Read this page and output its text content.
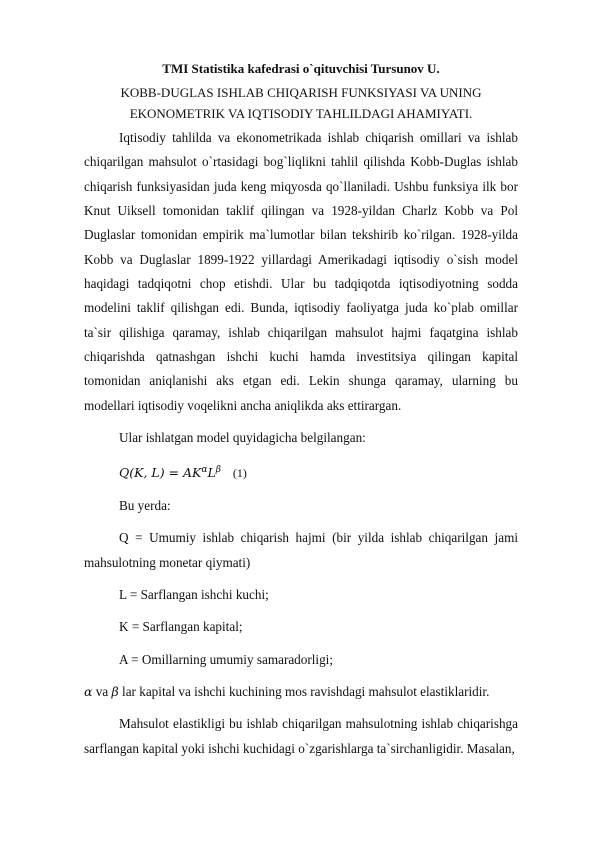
TMI Statistika kafedrasi o`qituvchisi Tursunov U.
KOBB-DUGLAS ISHLAB CHIQARISH FUNKSIYASI VA UNING
EKONOMETRIK VA IQTISODIY TAHLILDAGI AHAMIYATI.

Iqtisodiy tahlilda va ekonometrikada ishlab chiqarish omillari va ishlab chiqarilgan mahsulot o`rtasidagi bog`liqlikni tahlil qilishda Kobb-Duglas ishlab chiqarish funksiyasidan juda keng miqyosda qo`llaniladi. Ushbu funksiya ilk bor Knut Uiksell tomonidan taklif qilingan va 1928-yildan Charlz Kobb va Pol Duglaslar tomonidan empirik ma`lumotlar bilan tekshirib ko`rilgan. 1928-yilda Kobb va Duglaslar 1899-1922 yillardagi Amerikadagi iqtisodiy o`sish model haqidagi tadqiqotni chop etishdi. Ular bu tadqiqotda iqtisodiyotning sodda modelini taklif qilishgan edi. Bunda, iqtisodiy faoliyatga juda ko`plab omillar ta`sir qilishiga qaramay, ishlab chiqarilgan mahsulot hajmi faqatgina ishlab chiqarishda qatnashgan ishchi kuchi hamda investitsiya qilingan kapital tomonidan aniqlanishi aks etgan edi. Lekin shunga qaramay, ularning bu modellari iqtisodiy voqelikni ancha aniqlikda aks ettirargan.

Ular ishlatgan model quyidagicha belgilangan:

Q(K, $L) = AK^\alpha L^\beta$ (1)

Bu yerda:

Q = Umumiy ishlab chiqarish hajmi (bir yilda ishlab chiqarilgan jami mahsulotning monetar qiymati)

L = Sarflangan ishchi kuchi;

K = Sarflangan kapital;

A = Omillarning umumiy samaradorligi;

α va β lar kapital va ishchi kuchining mos ravishdagi mahsulot elastiklaridir.

Mahsulot elastikligi bu ishlab chiqarilgan mahsulotning ishlab chiqarishga sarflangan kapital yoki ishchi kuchidagi o`zgarishlarga ta`sirchanligidir. Masalan,
